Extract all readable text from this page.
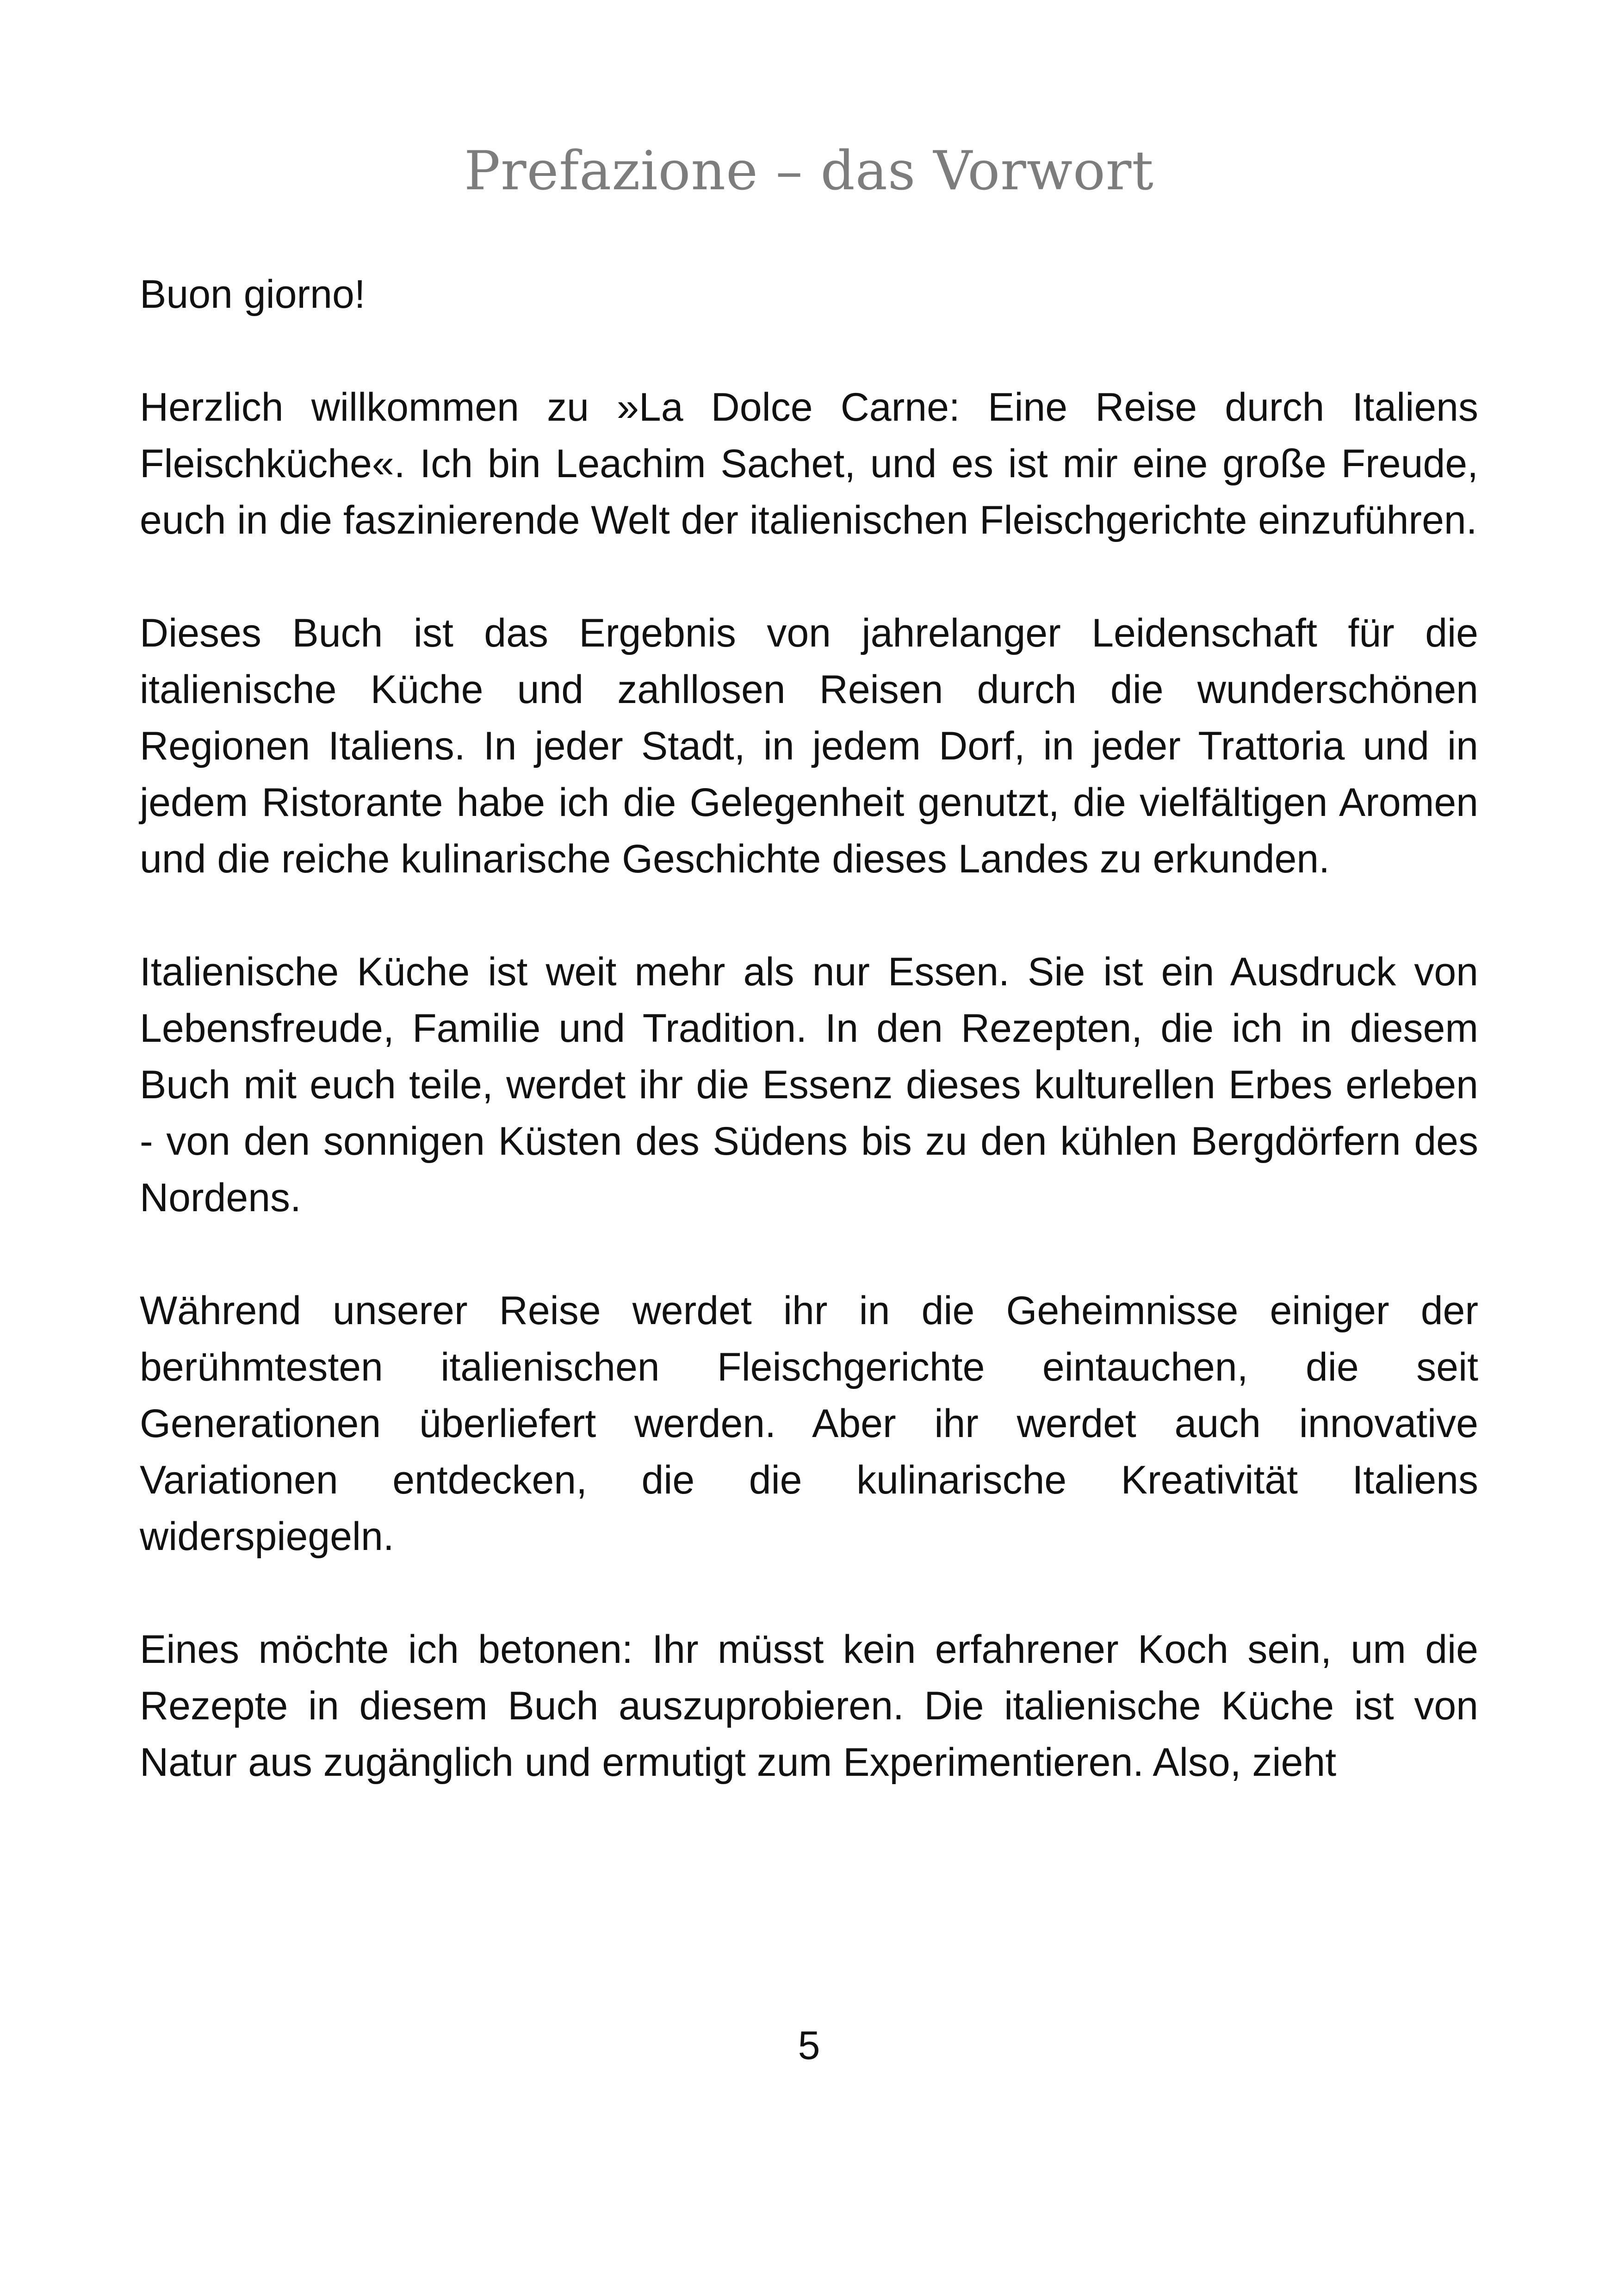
Prefazione – das Vorwort

Buon giorno!

Herzlich willkommen zu »La Dolce Carne: Eine Reise durch Italiens Fleischküche«. Ich bin Leachim Sachet, und es ist mir eine große Freude, euch in die faszinierende Welt der italienischen Fleischgerichte einzuführen.

Dieses Buch ist das Ergebnis von jahrelanger Leidenschaft für die italienische Küche und zahllosen Reisen durch die wunderschönen Regionen Italiens. In jeder Stadt, in jedem Dorf, in jeder Trattoria und in jedem Ristorante habe ich die Gelegenheit genutzt, die vielfältigen Aromen und die reiche kulinarische Geschichte dieses Landes zu erkunden.

Italienische Küche ist weit mehr als nur Essen. Sie ist ein Ausdruck von Lebensfreude, Familie und Tradition. In den Rezepten, die ich in diesem Buch mit euch teile, werdet ihr die Essenz dieses kulturellen Erbes erleben - von den sonnigen Küsten des Südens bis zu den kühlen Bergdörfern des Nordens.

Während unserer Reise werdet ihr in die Geheimnisse einiger der berühmtesten italienischen Fleischgerichte eintauchen, die seit Generationen überliefert werden. Aber ihr werdet auch innovative Variationen entdecken, die die kulinarische Kreativität Italiens widerspiegeln.

Eines möchte ich betonen: Ihr müsst kein erfahrener Koch sein, um die Rezepte in diesem Buch auszuprobieren. Die italienische Küche ist von Natur aus zugänglich und ermutigt zum Experimentieren. Also, zieht

5
